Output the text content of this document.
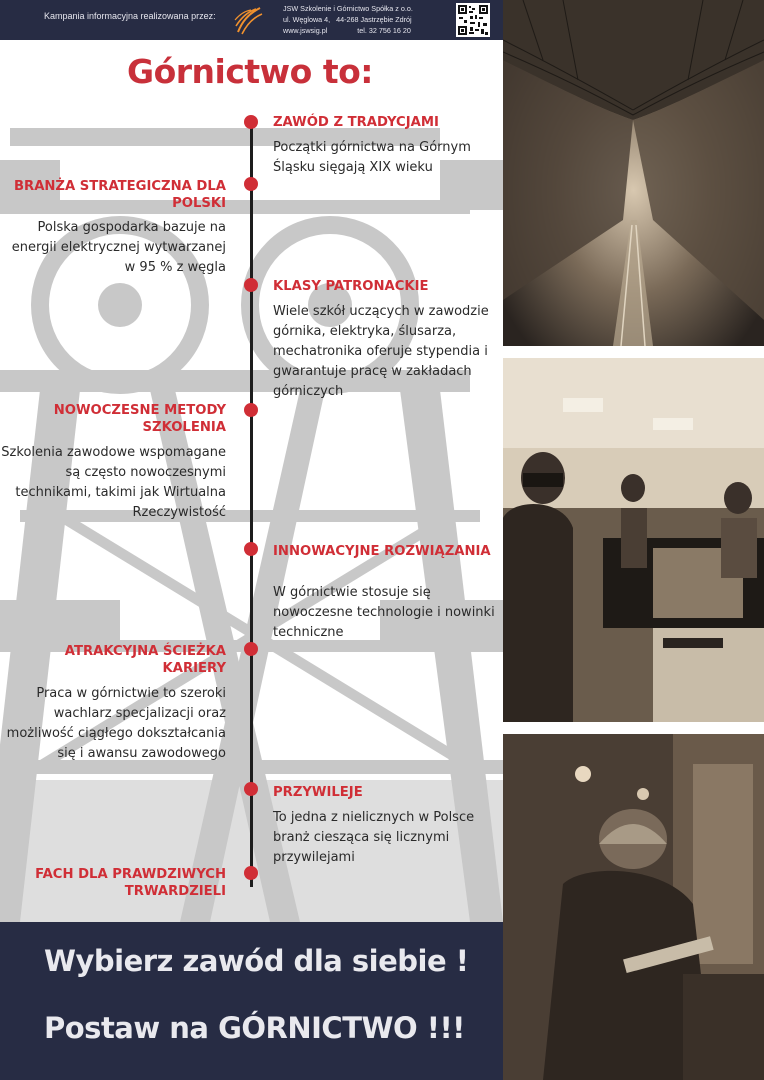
Kampania informacyjna realizowana przez:
JSW Szkolenie i Górnictwo Spółka z o.o.
ul. Węglowa 4,   44-268 Jastrzębie Zdrój
www.jswsig.pl               tel. 32 756 16 20
Górnictwo to:
ZAWÓD Z TRADYCJAMI
Początki górnictwa na Górnym Śląsku sięgają XIX wieku
BRANŻA STRATEGICZNA DLA POLSKI
Polska gospodarka bazuje na energii elektrycznej wytwarzanej w 95 % z węgla
KLASY PATRONACKIE
Wiele szkół uczących w zawodzie górnika, elektryka, ślusarza, mechatronika oferuje stypendia i gwarantuje pracę w zakładach górniczych
NOWOCZESNE METODY SZKOLENIA
Szkolenia zawodowe wspomagane są często nowoczesnymi technikami, takimi jak Wirtualna Rzeczywistość
INNOWACYJNE ROZWIĄZANIA
W górnictwie stosuje się nowoczesne technologie i nowinki techniczne
ATRAKCYJNA ŚCIEŻKA KARIERY
Praca w górnictwie to szeroki wachlarz specjalizacji oraz możliwość ciągłego dokształcania się i awansu zawodowego
PRZYWILEJE
To jedna z nielicznych w Polsce branż ciesząca się licznymi przywilejami
FACH DLA PRAWDZIWYCH TRWARDZIELI
Wybierz zawód dla siebie !
Postaw na GÓRNICTWO !!!
